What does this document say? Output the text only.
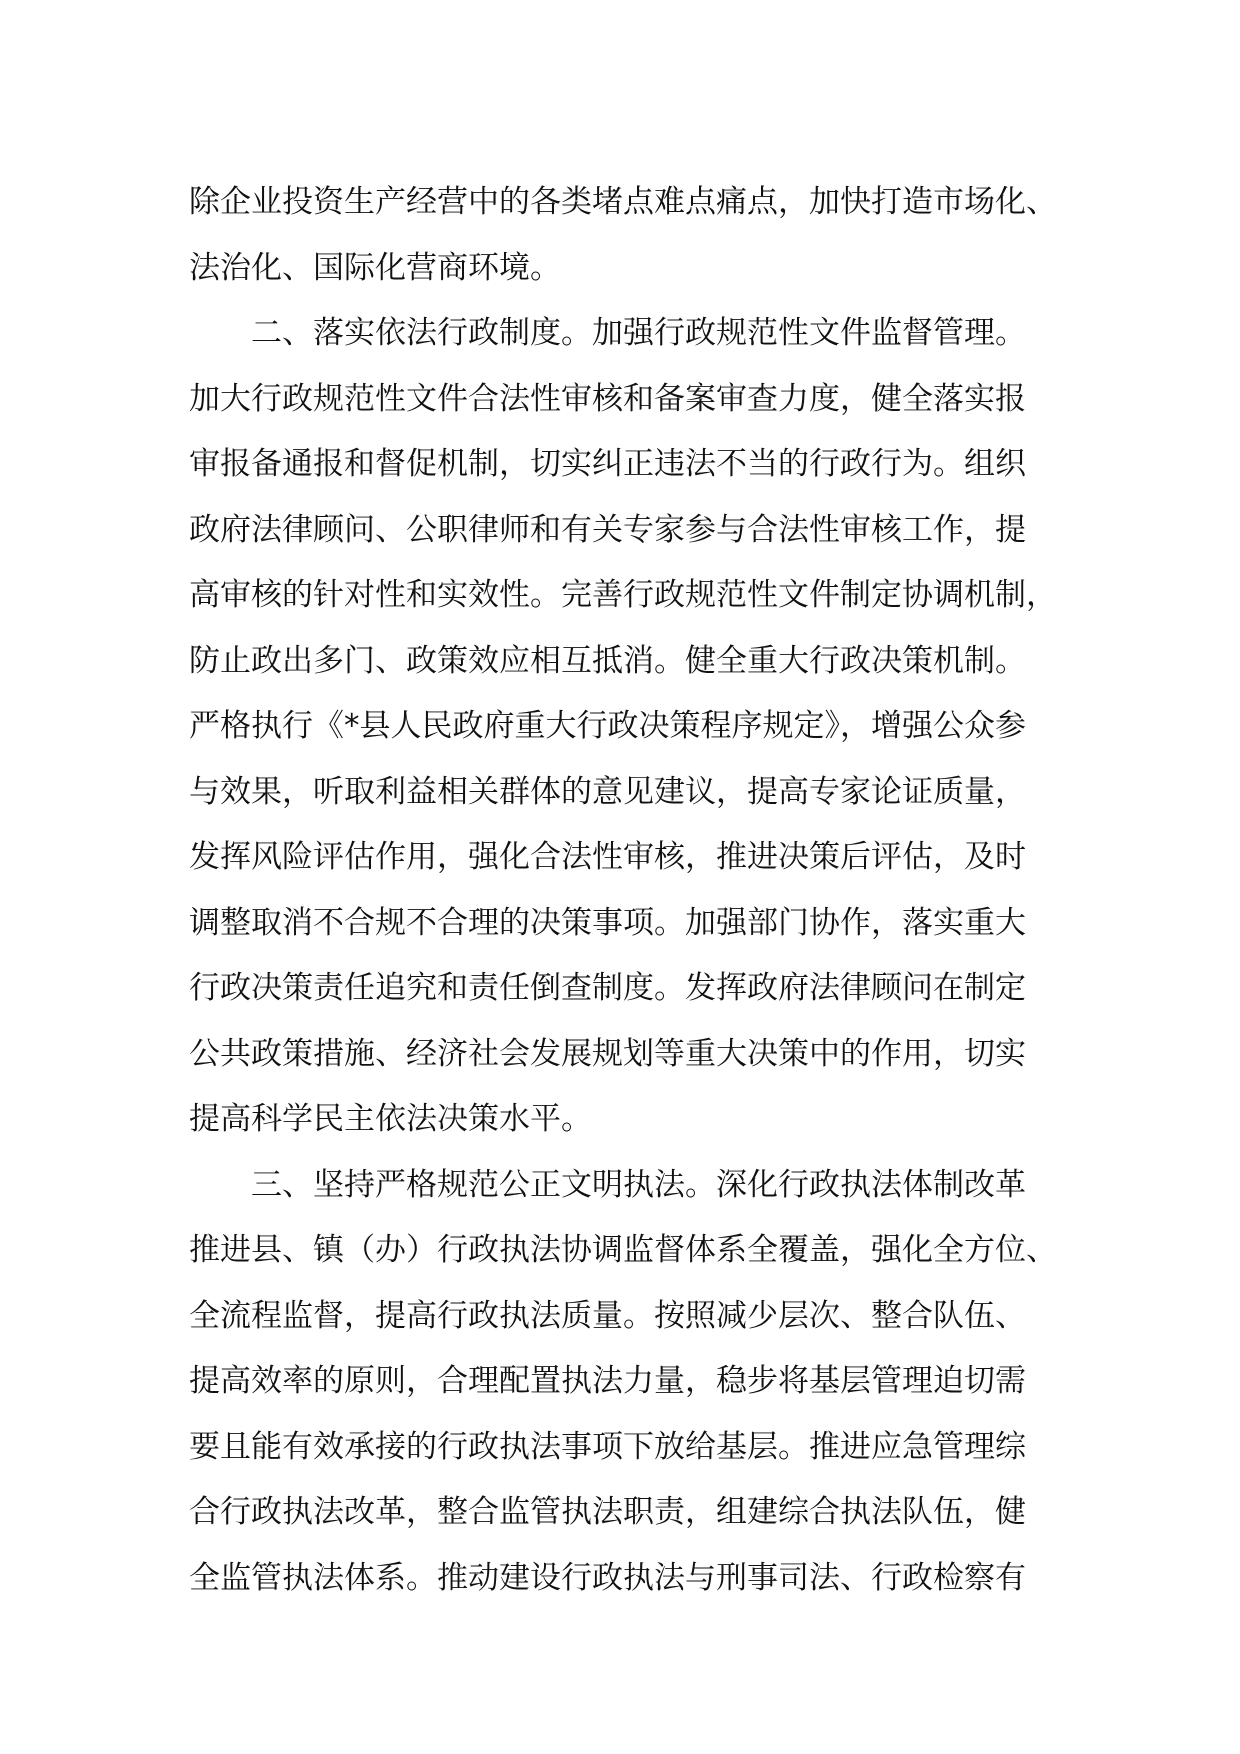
除企业投资生产经营中的各类堵点难点痛点，加快打造市场化、
法治化、国际化营商环境。
二、落实依法行政制度。加强行政规范性文件监督管理。
加大行政规范性文件合法性审核和备案审查力度，健全落实报
审报备通报和督促机制，切实纠正违法不当的行政行为。组织
政府法律顾问、公职律师和有关专家参与合法性审核工作，提
高审核的针对性和实效性。完善行政规范性文件制定协调机制，
防止政出多门、政策效应相互抵消。健全重大行政决策机制。
严格执行《*县人民政府重大行政决策程序规定》，增强公众参
与效果，听取利益相关群体的意见建议，提高专家论证质量，
发挥风险评估作用，强化合法性审核，推进决策后评估，及时
调整取消不合规不合理的决策事项。加强部门协作，落实重大
行政决策责任追究和责任倒查制度。发挥政府法律顾问在制定
公共政策措施、经济社会发展规划等重大决策中的作用，切实
提高科学民主依法决策水平。
三、坚持严格规范公正文明执法。深化行政执法体制改革
推进县、镇（办）行政执法协调监督体系全覆盖，强化全方位、
全流程监督，提高行政执法质量。按照减少层次、整合队伍、
提高效率的原则，合理配置执法力量，稳步将基层管理迫切需
要且能有效承接的行政执法事项下放给基层。推进应急管理综
合行政执法改革，整合监管执法职责，组建综合执法队伍，健
全监管执法体系。推动建设行政执法与刑事司法、行政检察有
